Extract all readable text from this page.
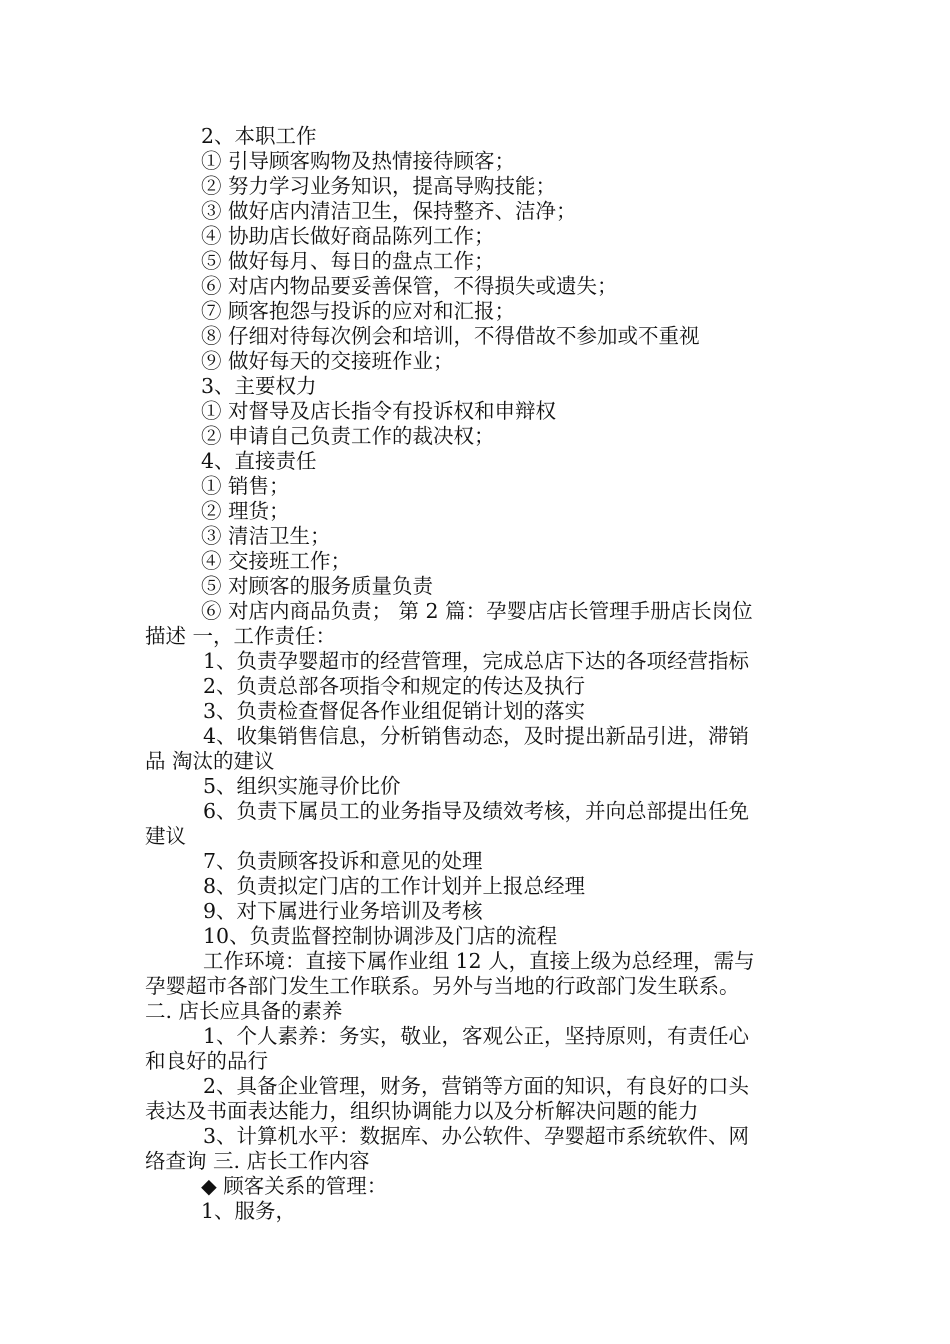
2、本职工作
① 引导顾客购物及热情接待顾客；
② 努力学习业务知识，提高导购技能；
③ 做好店内清洁卫生，保持整齐、洁净；
④ 协助店长做好商品陈列工作；
⑤ 做好每月、每日的盘点工作；
⑥ 对店内物品要妥善保管，不得损失或遗失；
⑦ 顾客抱怨与投诉的应对和汇报；
⑧ 仔细对待每次例会和培训，不得借故不参加或不重视
⑨ 做好每天的交接班作业；
3、主要权力
① 对督导及店长指令有投诉权和申辩权
② 申请自己负责工作的裁决权；
4、直接责任
① 销售；
② 理货；
③ 清洁卫生；
④ 交接班工作；
⑤ 对顾客的服务质量负责
⑥ 对店内商品负责； 第 2 篇：孕婴店店长管理手册店长岗位
描述 一，工作责任：
1、负责孕婴超市的经营管理，完成总店下达的各项经营指标
2、负责总部各项指令和规定的传达及执行
3、负责检查督促各作业组促销计划的落实
4、收集销售信息，分析销售动态，及时提出新品引进，滞销
品 淘汰的建议
5、组织实施寻价比价
6、负责下属员工的业务指导及绩效考核，并向总部提出任免
建议
7、负责顾客投诉和意见的处理
8、负责拟定门店的工作计划并上报总经理
9、对下属进行业务培训及考核
10、负责监督控制协调涉及门店的流程
工作环境：直接下属作业组 12 人，直接上级为总经理，需与
孕婴超市各部门发生工作联系。另外与当地的行政部门发生联系。
二. 店长应具备的素养
1、个人素养：务实，敬业，客观公正，坚持原则，有责任心
和良好的品行
2、具备企业管理，财务，营销等方面的知识，有良好的口头
表达及书面表达能力，组织协调能力以及分析解决问题的能力
3、计算机水平：数据库、办公软件、孕婴超市系统软件、网
络查询 三. 店长工作内容
◆ 顾客关系的管理：
1、服务，
